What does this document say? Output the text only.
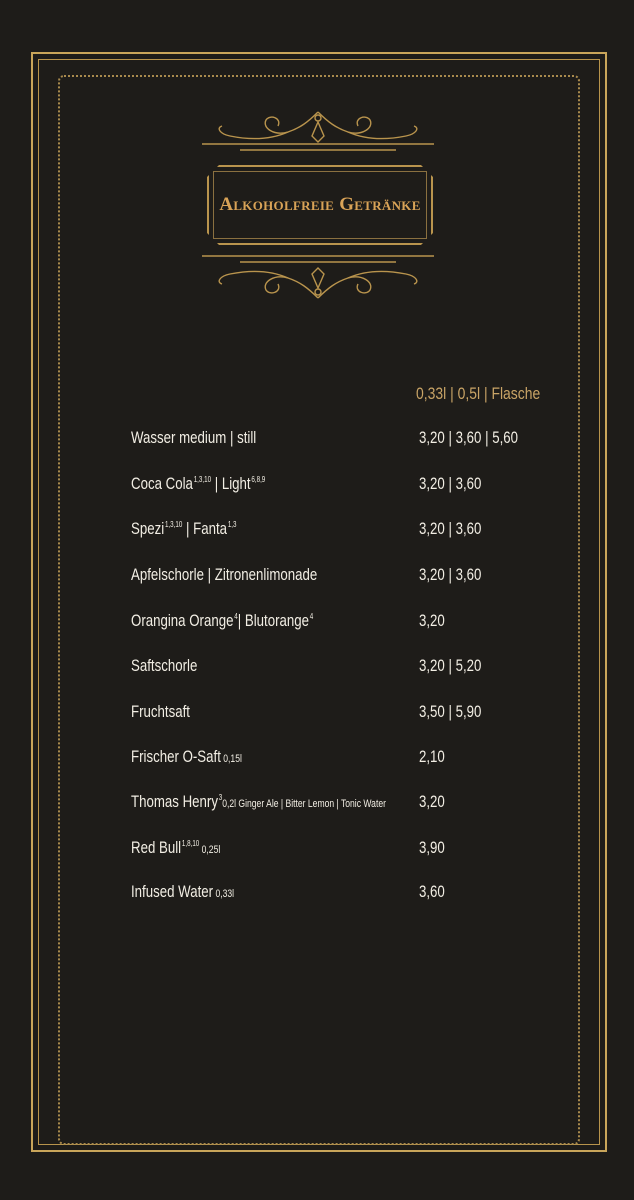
Alkoholfreie Getränke
0,33l | 0,5l | Flasche
Wasser medium | still	3,20 | 3,60 | 5,60
Coca Cola$^{1,3,10}$ | Light$^{6,8,9}$	3,20 | 3,60
Spezi$^{1,3,10}$ | Fanta$^{1,3}$	3,20 | 3,60
Apfelschorle | Zitronenlimonade	3,20 | 3,60
Orangina Orange$^4$| Blutorange$^4$	3,20
Saftschorle	3,20 | 5,20
Fruchtsaft	3,50 | 5,90
Frischer O-Saft 0,15l	2,10
Thomas Henry$^3$0,2l Ginger Ale | Bitter Lemon | Tonic Water 3,20
Red Bull$^{1,8,10}$ 0,25l	3,90
Infused Water 0,33l	3,60
